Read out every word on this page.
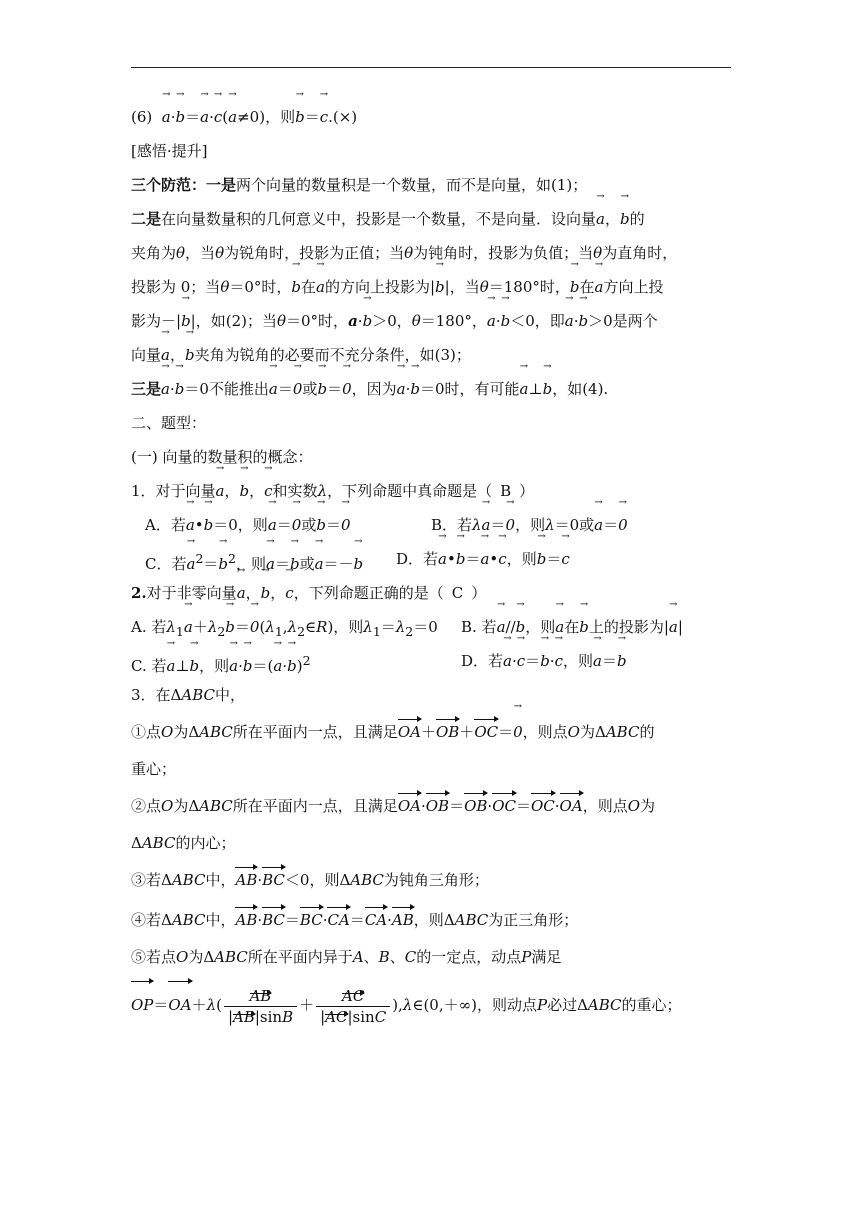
(6)  → a·→ b＝→ a·→ c(→ a≠0)，则→ b＝→ c.(×)
[感悟·提升]
三个防范：一是两个向量的数量积是一个数量，而不是向量，如(1)；
二是在向量数量积的几何意义中，投影是一个数量，不是向量．设向量→ a，→ b的
夹角为θ，当θ为锐角时，投影为正值；当θ为钝角时，投影为负值；当θ为直角时，
投影为 0；当θ＝0°时，→ b在→ a的方向上投影为|→ b|，当θ＝180°时，→ b在→ a方向上投
影为－|→ b|，如(2)；当θ＝0°时，a·→ b＞0，θ＝180°，→ a·→ b＜0，即→ a·→ b＞0是两个
向量→ a，→ b夹角为锐角的必要而不充分条件，如(3)；
三是→ a·→ b＝0不能推出→ a＝→ 0或→ b＝→ 0，因为→ a·→ b＝0时，有可能→ a⊥→ b，如(4).
二、题型：
(一) 向量的数量积的概念：
1．对于向量→ a，→ b，→ c和实数λ，下列命题中真命题是（ B ）
A．若→ a•→ b＝0，则→ a＝→ 0或→ b＝→ 0	B．若λ→ a＝→ 0，则λ＝0或→ a＝→ 0
C．若→ $a^2=\to b^2$，则→ a＝→ b或→ a＝－→ b D．若→ a•→ b＝→ a•→ c，则→ b＝→ c
2.对于非零向量→ a，→ b，→ c，下列命题正确的是（ C ）
A. 若$\lambda_1\to a+\lambda_2\to b=\to$ $0(\lambda_1,\lambda_2\in R)$，则$\lambda_1=\lambda_2=0$ B. 若→ a//→ b，则→ a在→ b上的投影为|→ a|
C. 若→ a⊥→ b，则→ $a\cdot\to b=(\to a\cdot\to b)^2$	D．若→ a·→ c＝→ b·→ c，则→ a＝→ b
3．在ΔABC中，
①点O为ΔABC所在平面内一点，且满足OA＋OB＋OC＝→ 0，则点O为ΔABC的
重心；
②点O为ΔABC所在平面内一点，且满足OA·OB＝OB·OC＝OC·OA，则点O为
ΔABC的内心；
③若ΔABC中，AB·BC＜0，则ΔABC为钝角三角形；
④若ΔABC中，AB·BC＝BC·CA＝CA·AB，则ΔABC为正三角形；
⑤若点O为ΔABC所在平面内异于A、B、C的一定点，动点P满足
$OP=OA+\lambda( \frac{AB}{|AB|\sin B} + \frac{AC}{|AC|\sin C}$ ),λ∈(0,＋∞)，则动点P必过ΔABC的重心；
